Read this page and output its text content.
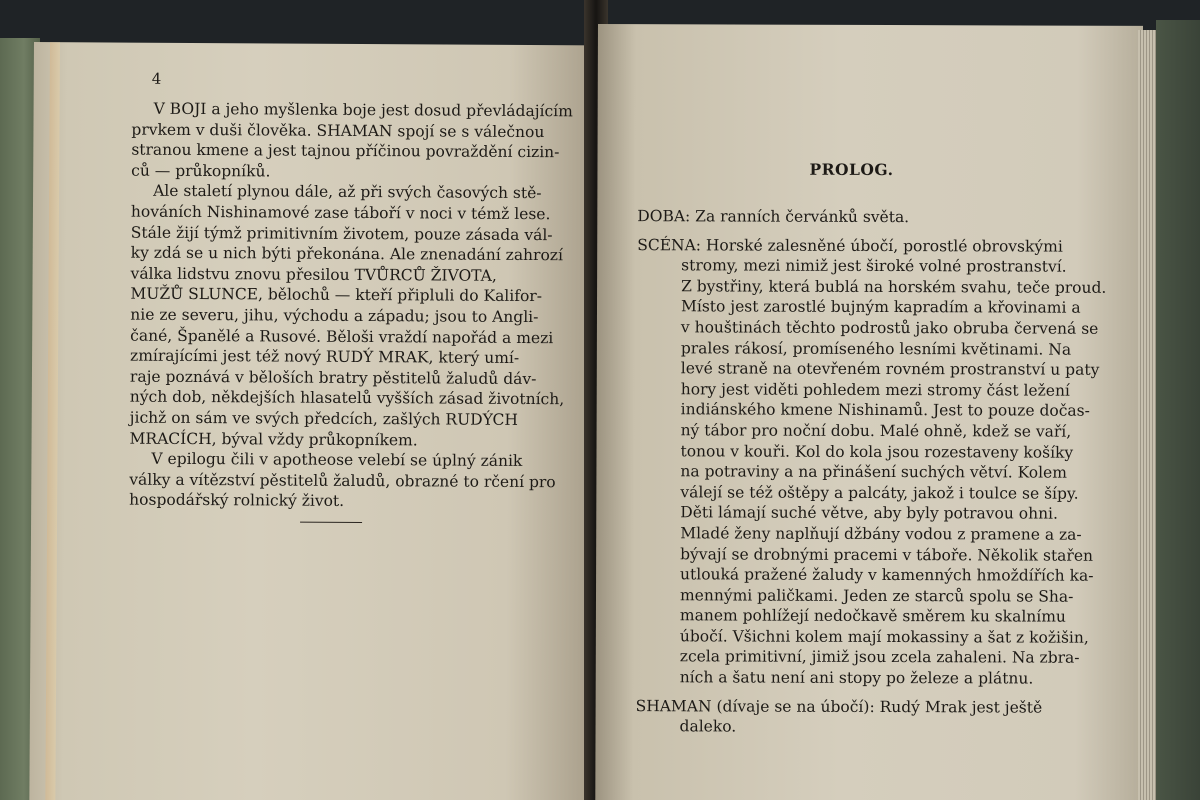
4
V BOJI a jeho myšlenka boje jest dosud převládajícím
prvkem v duši člověka. SHAMAN spojí se s válečnou
stranou kmene a jest tajnou příčinou povraždění cizin-
ců — průkopníků.
Ale staletí plynou dále, až při svých časových stě-
hováních Nishinamové zase táboří v noci v témž lese.
Stále žijí týmž primitivním životem, pouze zásada vál-
ky zdá se u nich býti překonána. Ale znenadání zahrozí
válka lidstvu znovu přesilou TVŮRCŮ ŽIVOTA,
MUŽŮ SLUNCE, bělochů — kteří připluli do Kalifor-
nie ze severu, jihu, východu a západu; jsou to Angli-
čané, Španělé a Rusové. Běloši vraždí napořád a mezi
zmírajícími jest též nový RUDÝ MRAK, který umí-
raje poznává v běloších bratry pěstitelů žaludů dáv-
ných dob, někdejších hlasatelů vyšších zásad životních,
jichž on sám ve svých předcích, zašlých RUDÝCH
MRACÍCH, býval vždy průkopníkem.
V epilogu čili v apotheose velebí se úplný zánik
války a vítězství pěstitelů žaludů, obrazné to rčení pro
hospodářský rolnický život.
PROLOG.
DOBA: Za ranních červánků světa.
SCÉNA: Horské zalesněné úbočí, porostlé obrovskými
stromy, mezi nimiž jest široké volné prostranství.
Z bystřiny, která bublá na horském svahu, teče proud.
Místo jest zarostlé bujným kapradím a křovinami a
v houštinách těchto podrostů jako obruba červená se
prales rákosí, promíseného lesními květinami. Na
levé straně na otevřeném rovném prostranství u paty
hory jest viděti pohledem mezi stromy část ležení
indiánského kmene Nishinamů. Jest to pouze dočas-
ný tábor pro noční dobu. Malé ohně, kdež se vaří,
tonou v kouři. Kol do kola jsou rozestaveny košíky
na potraviny a na přinášení suchých větví. Kolem
válejí se též oštěpy a palcáty, jakož i toulce se šípy.
Děti lámají suché větve, aby byly potravou ohni.
Mladé ženy naplňují džbány vodou z pramene a za-
bývají se drobnými pracemi v táboře. Několik stařen
utlouká pražené žaludy v kamenných hmoždířích ka-
mennými paličkami. Jeden ze starců spolu se Sha-
manem pohlížejí nedočkavě směrem ku skalnímu
úbočí. Všichni kolem mají mokassiny a šat z kožišin,
zcela primitivní, jimiž jsou zcela zahaleni. Na zbra-
ních a šatu není ani stopy po železe a plátnu.
SHAMAN (dívaje se na úbočí): Rudý Mrak jest ještě
daleko.
